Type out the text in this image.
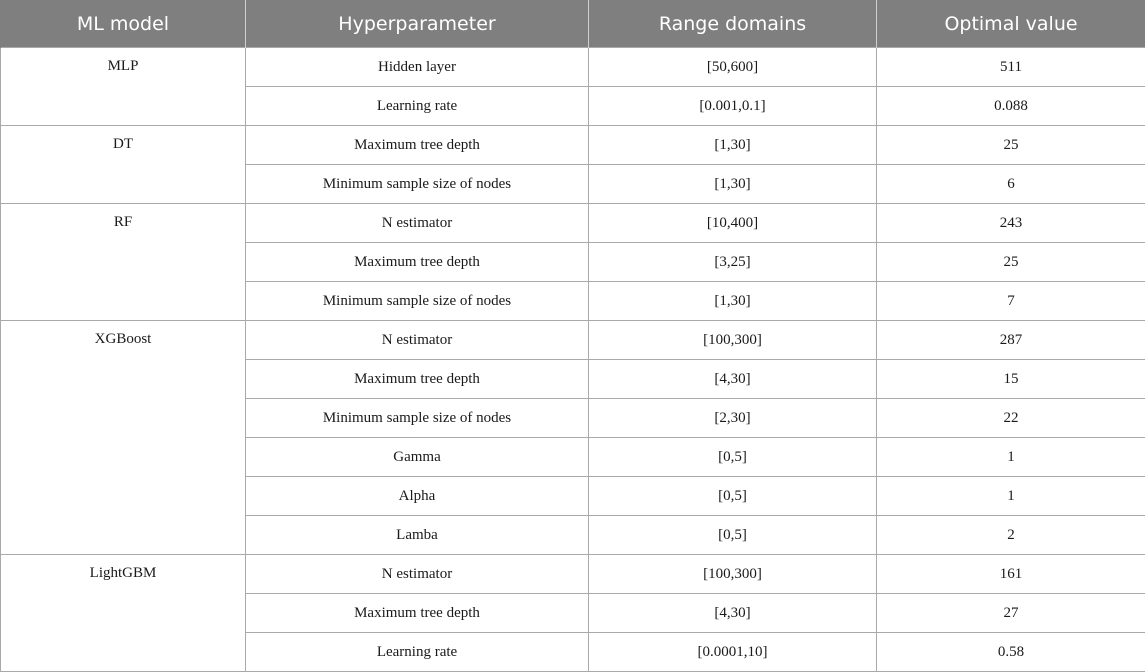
ML model	Hyperparameter	Range domains	Optimal value
MLP	Hidden layer	[50,600]	511
	Learning rate	[0.001,0.1]	0.088
DT	Maximum tree depth	[1,30]	25
	Minimum sample size of nodes	[1,30]	6
RF	N estimator	[10,400]	243
	Maximum tree depth	[3,25]	25
	Minimum sample size of nodes	[1,30]	7
XGBoost	N estimator	[100,300]	287
	Maximum tree depth	[4,30]	15
	Minimum sample size of nodes	[2,30]	22
	Gamma	[0,5]	1
	Alpha	[0,5]	1
	Lamba	[0,5]	2
LightGBM	N estimator	[100,300]	161
	Maximum tree depth	[4,30]	27
	Learning rate	[0.0001,10]	0.58
